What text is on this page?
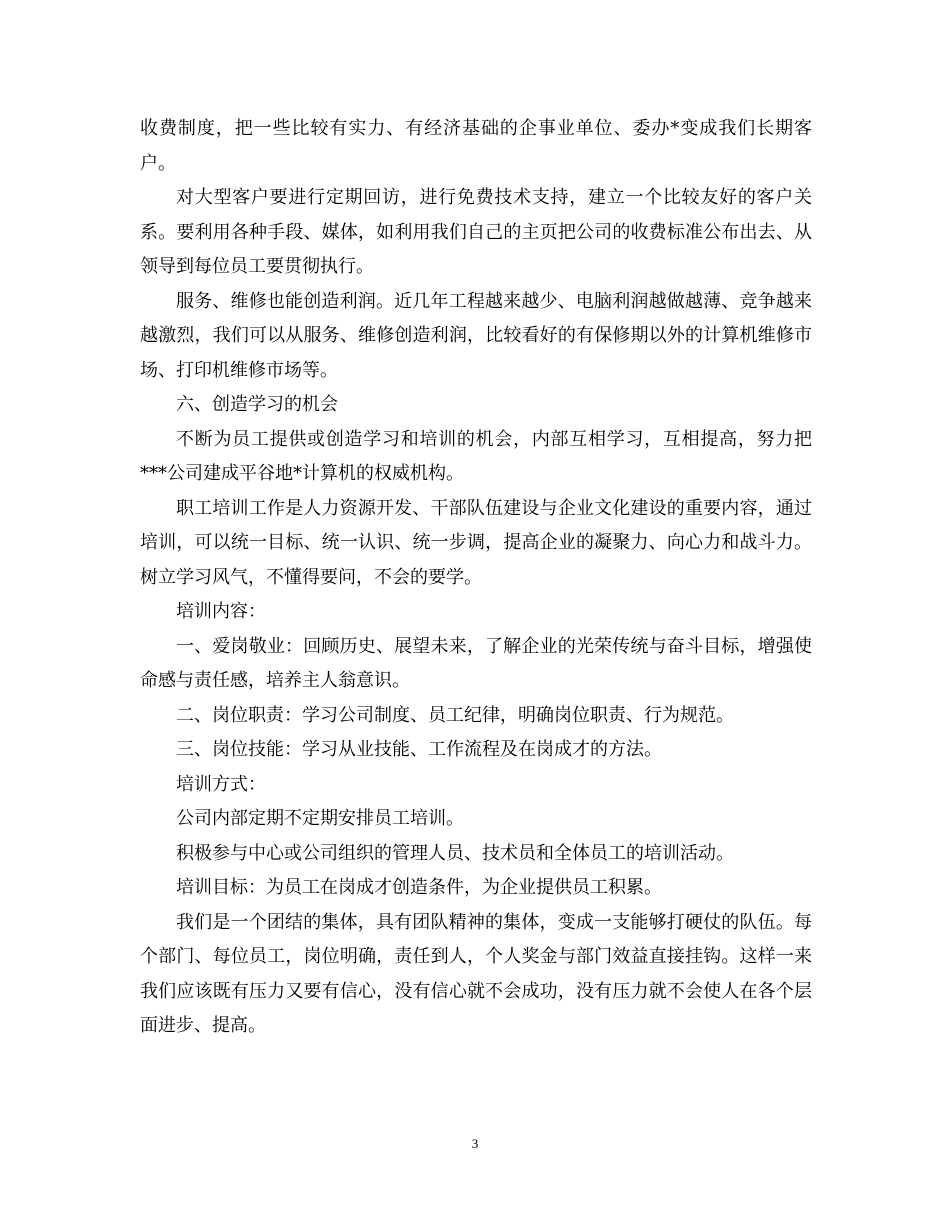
收费制度，把一些比较有实力、有经济基础的企事业单位、委办*变成我们长期客户。

对大型客户要进行定期回访，进行免费技术支持，建立一个比较友好的客户关系。要利用各种手段、媒体，如利用我们自己的主页把公司的收费标准公布出去、从领导到每位员工要贯彻执行。

服务、维修也能创造利润。近几年工程越来越少、电脑利润越做越薄、竞争越来越激烈，我们可以从服务、维修创造利润，比较看好的有保修期以外的计算机维修市场、打印机维修市场等。

六、创造学习的机会

不断为员工提供或创造学习和培训的机会，内部互相学习，互相提高，努力把***公司建成平谷地*计算机的权威机构。

职工培训工作是人力资源开发、干部队伍建设与企业文化建设的重要内容，通过培训，可以统一目标、统一认识、统一步调，提高企业的凝聚力、向心力和战斗力。树立学习风气，不懂得要问，不会的要学。

培训内容：

一、爱岗敬业：回顾历史、展望未来，了解企业的光荣传统与奋斗目标，增强使命感与责任感，培养主人翁意识。

二、岗位职责：学习公司制度、员工纪律，明确岗位职责、行为规范。

三、岗位技能：学习从业技能、工作流程及在岗成才的方法。

培训方式：

公司内部定期不定期安排员工培训。

积极参与中心或公司组织的管理人员、技术员和全体员工的培训活动。

培训目标：为员工在岗成才创造条件，为企业提供员工积累。

我们是一个团结的集体，具有团队精神的集体，变成一支能够打硬仗的队伍。每个部门、每位员工，岗位明确，责任到人，个人奖金与部门效益直接挂钩。这样一来我们应该既有压力又要有信心，没有信心就不会成功，没有压力就不会使人在各个层面进步、提高。

3
